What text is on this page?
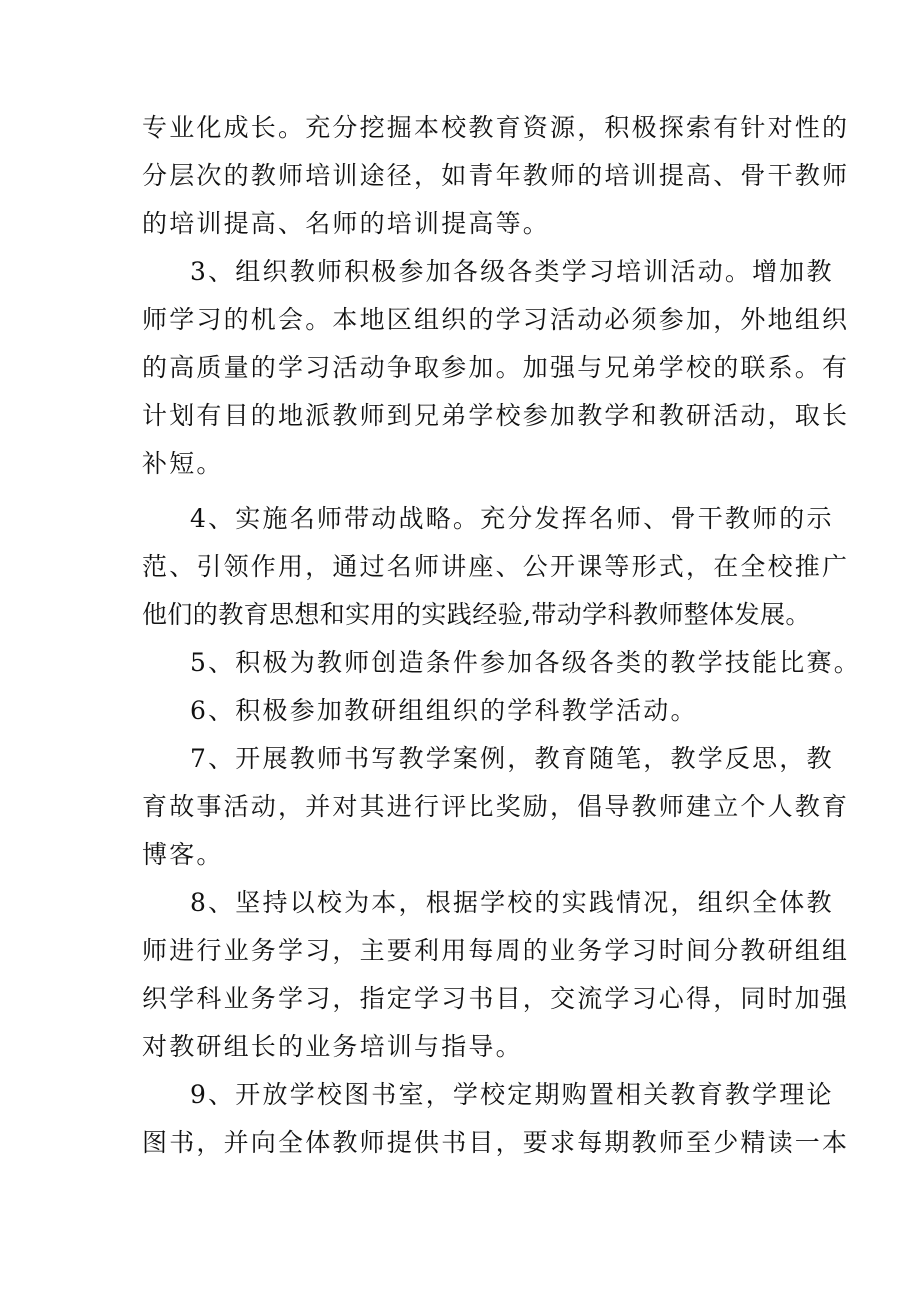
专业化成长。充分挖掘本校教育资源，积极探索有针对性的
分层次的教师培训途径，如青年教师的培训提高、骨干教师
的培训提高、名师的培训提高等。
3、组织教师积极参加各级各类学习培训活动。增加教
师学习的机会。本地区组织的学习活动必须参加，外地组织
的高质量的学习活动争取参加。加强与兄弟学校的联系。有
计划有目的地派教师到兄弟学校参加教学和教研活动，取长
补短。
4、实施名师带动战略。充分发挥名师、骨干教师的示
范、引领作用，通过名师讲座、公开课等形式，在全校推广
他们的教育思想和实用的实践经验,带动学科教师整体发展。
5、积极为教师创造条件参加各级各类的教学技能比赛。
6、积极参加教研组组织的学科教学活动。
7、开展教师书写教学案例，教育随笔，教学反思，教
育故事活动，并对其进行评比奖励，倡导教师建立个人教育
博客。
8、坚持以校为本，根据学校的实践情况，组织全体教
师进行业务学习，主要利用每周的业务学习时间分教研组组
织学科业务学习，指定学习书目，交流学习心得，同时加强
对教研组长的业务培训与指导。
9、开放学校图书室，学校定期购置相关教育教学理论
图书，并向全体教师提供书目，要求每期教师至少精读一本
